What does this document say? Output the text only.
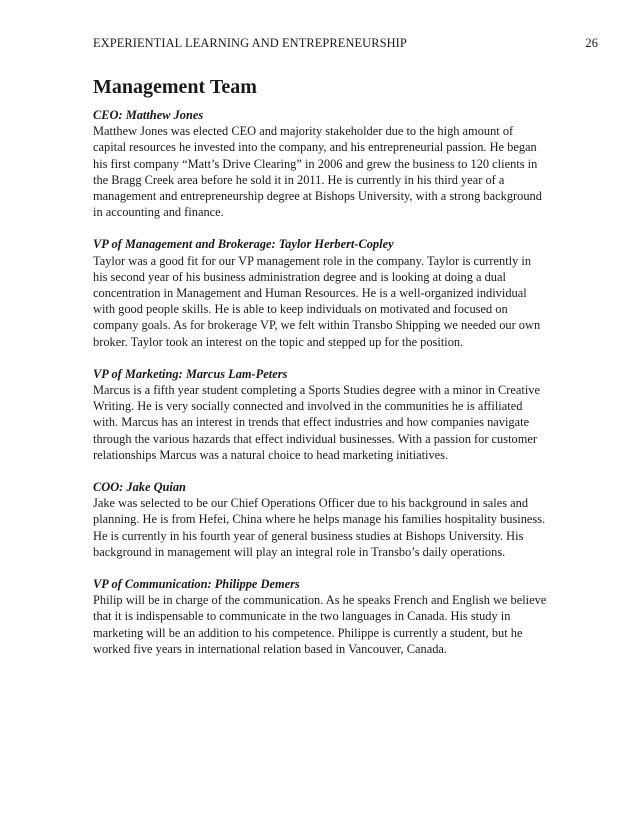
EXPERIENTIAL LEARNING AND ENTREPRENEURSHIP	26
Management Team
CEO: Matthew Jones

Matthew Jones was elected CEO and majority stakeholder due to the high amount of capital resources he invested into the company, and his entrepreneurial passion. He began his first company “Matt’s Drive Clearing” in 2006 and grew the business to 120 clients in the Bragg Creek area before he sold it in 2011. He is currently in his third year of a management and entrepreneurship degree at Bishops University, with a strong background in accounting and finance.

VP of Management and Brokerage: Taylor Herbert-Copley

Taylor was a good fit for our VP management role in the company. Taylor is currently in his second year of his business administration degree and is looking at doing a dual concentration in Management and Human Resources. He is a well-organized individual with good people skills. He is able to keep individuals on motivated and focused on company goals. As for brokerage VP, we felt within Transbo Shipping we needed our own broker. Taylor took an interest on the topic and stepped up for the position.

VP of Marketing: Marcus Lam-Peters

Marcus is a fifth year student completing a Sports Studies degree with a minor in Creative Writing. He is very socially connected and involved in the communities he is affiliated with. Marcus has an interest in trends that effect industries and how companies navigate through the various hazards that effect individual businesses. With a passion for customer relationships Marcus was a natural choice to head marketing initiatives.

COO: Jake Quian

Jake was selected to be our Chief Operations Officer due to his background in sales and planning. He is from Hefei, China where he helps manage his families hospitality business. He is currently in his fourth year of general business studies at Bishops University. His background in management will play an integral role in Transbo’s daily operations.

VP of Communication: Philippe Demers

Philip will be in charge of the communication. As he speaks French and English we believe that it is indispensable to communicate in the two languages in Canada. His study in marketing will be an addition to his competence. Philippe is currently a student, but he worked five years in international relation based in Vancouver, Canada.
